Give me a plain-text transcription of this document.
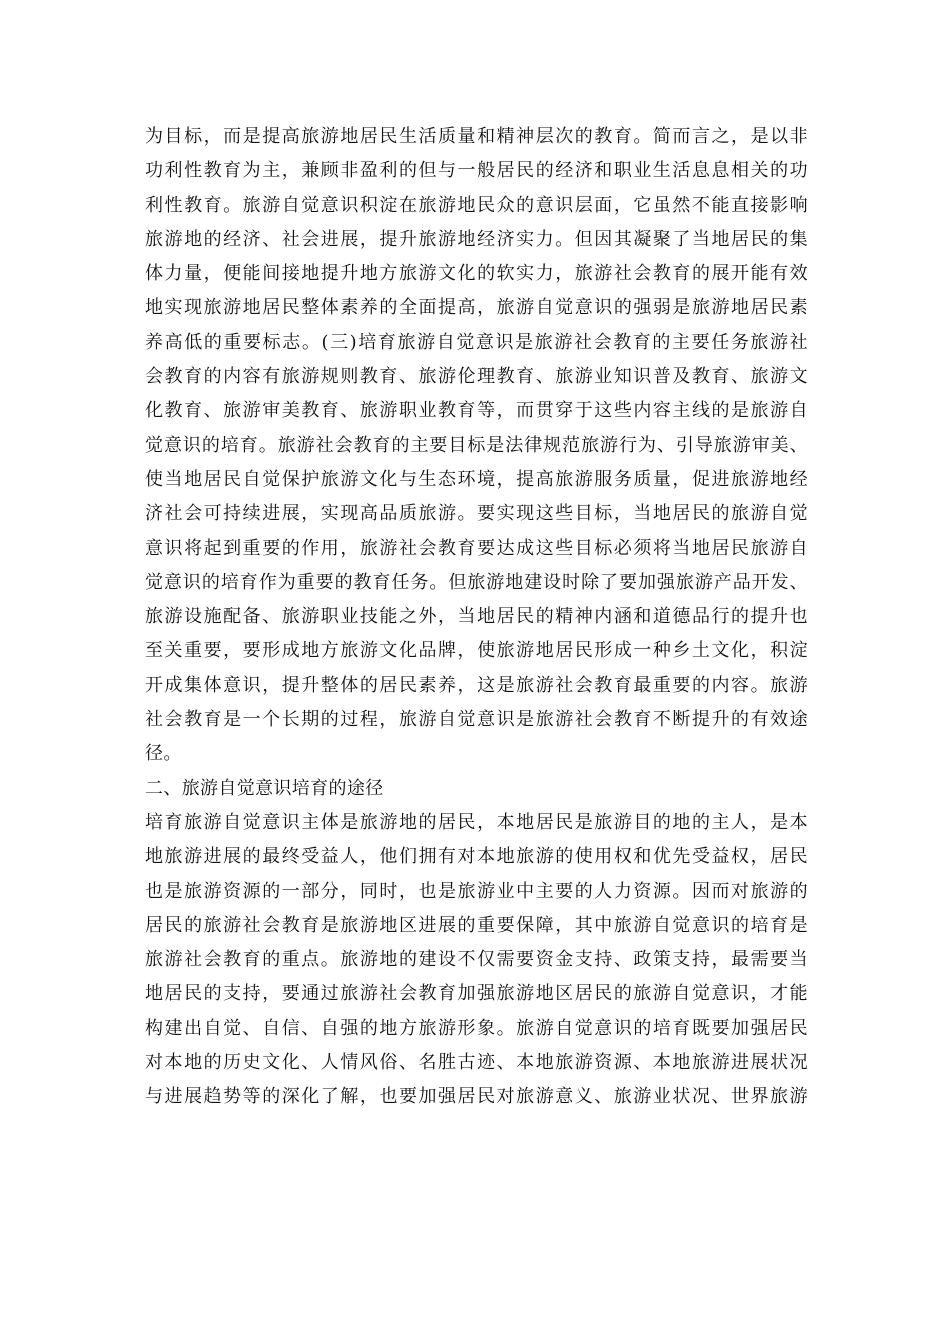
为目标，而是提高旅游地居民生活质量和精神层次的教育。简而言之，是以非
功利性教育为主，兼顾非盈利的但与一般居民的经济和职业生活息息相关的功
利性教育。旅游自觉意识积淀在旅游地民众的意识层面，它虽然不能直接影响
旅游地的经济、社会进展，提升旅游地经济实力。但因其凝聚了当地居民的集
体力量，便能间接地提升地方旅游文化的软实力，旅游社会教育的展开能有效
地实现旅游地居民整体素养的全面提高，旅游自觉意识的强弱是旅游地居民素
养高低的重要标志。(三)培育旅游自觉意识是旅游社会教育的主要任务旅游社
会教育的内容有旅游规则教育、旅游伦理教育、旅游业知识普及教育、旅游文
化教育、旅游审美教育、旅游职业教育等，而贯穿于这些内容主线的是旅游自
觉意识的培育。旅游社会教育的主要目标是法律规范旅游行为、引导旅游审美、
使当地居民自觉保护旅游文化与生态环境，提高旅游服务质量，促进旅游地经
济社会可持续进展，实现高品质旅游。要实现这些目标，当地居民的旅游自觉
意识将起到重要的作用，旅游社会教育要达成这些目标必须将当地居民旅游自
觉意识的培育作为重要的教育任务。但旅游地建设时除了要加强旅游产品开发、
旅游设施配备、旅游职业技能之外，当地居民的精神内涵和道德品行的提升也
至关重要，要形成地方旅游文化品牌，使旅游地居民形成一种乡土文化，积淀
开成集体意识，提升整体的居民素养，这是旅游社会教育最重要的内容。旅游
社会教育是一个长期的过程，旅游自觉意识是旅游社会教育不断提升的有效途
径。
二、旅游自觉意识培育的途径
培育旅游自觉意识主体是旅游地的居民，本地居民是旅游目的地的主人，是本
地旅游进展的最终受益人，他们拥有对本地旅游的使用权和优先受益权，居民
也是旅游资源的一部分，同时，也是旅游业中主要的人力资源。因而对旅游的
居民的旅游社会教育是旅游地区进展的重要保障，其中旅游自觉意识的培育是
旅游社会教育的重点。旅游地的建设不仅需要资金支持、政策支持，最需要当
地居民的支持，要通过旅游社会教育加强旅游地区居民的旅游自觉意识，才能
构建出自觉、自信、自强的地方旅游形象。旅游自觉意识的培育既要加强居民
对本地的历史文化、人情风俗、名胜古迹、本地旅游资源、本地旅游进展状况
与进展趋势等的深化了解，也要加强居民对旅游意义、旅游业状况、世界旅游
